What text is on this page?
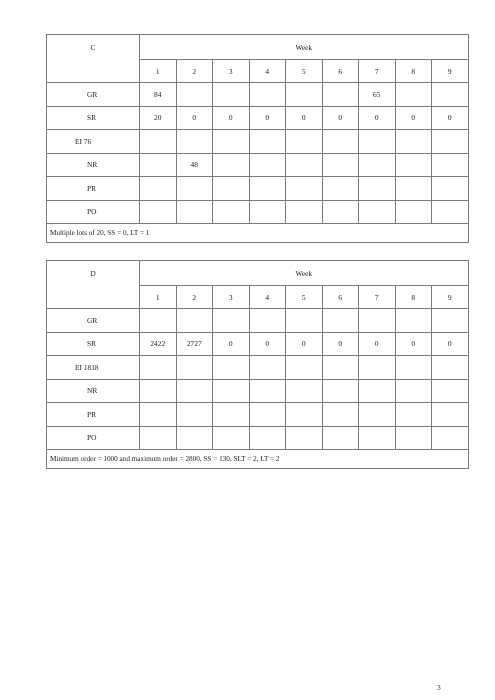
C	Week								
	1	2	3	4	5	6	7	8	9
GR	84						65		
SR	20	0	0	0	0	0	0	0	0
EI 76									
NR		48							
PR									
PO									
Multiple lots of 20, SS = 0, LT = 1									
D	Week								
	1	2	3	4	5	6	7	8	9
GR									
SR	2422	2727	0	0	0	0	0	0	0
EI 1818									
NR									
PR									
PO									
Minimum order = 1000 and maximum order = 2800, SS = 130, SLT = 2, LT = 2									
3
